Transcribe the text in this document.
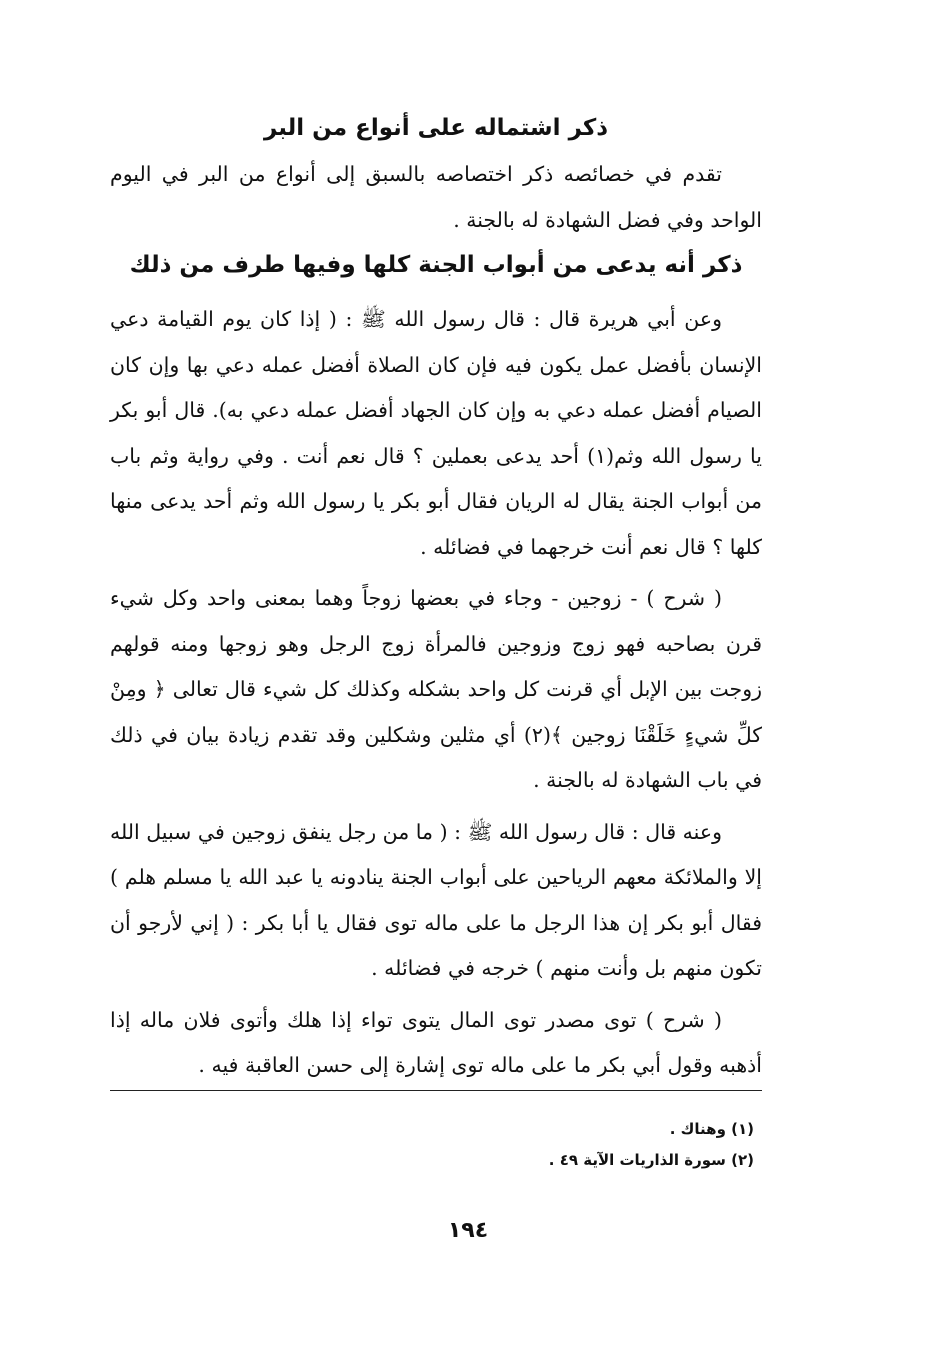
ذكر اشتماله على أنواع من البر

تقدم في خصائصه ذكر اختصاصه بالسبق إلى أنواع من البر في اليوم الواحد وفي فضل الشهادة له بالجنة .

ذكر أنه يدعى من أبواب الجنة كلها وفيها طرف من ذلك

وعن أبي هريرة قال : قال رسول الله ﷺ : ( إذا كان يوم القيامة دعي الإنسان بأفضل عمل يكون فيه فإن كان الصلاة أفضل عمله دعي بها وإن كان الصيام أفضل عمله دعي به وإن كان الجهاد أفضل عمله دعي به). قال أبو بكر يا رسول الله وثم(١) أحد يدعى بعملين ؟ قال نعم أنت . وفي رواية وثم باب من أبواب الجنة يقال له الريان فقال أبو بكر يا رسول الله وثم أحد يدعى منها كلها ؟ قال نعم أنت خرجهما في فضائله .

( شرح ) - زوجين - وجاء في بعضها زوجاً وهما بمعنى واحد وكل شيء قرن بصاحبه فهو زوج وزوجين فالمرأة زوج الرجل وهو زوجها ومنه قولهم زوجت بين الإبل أي قرنت كل واحد بشكله وكذلك كل شيء قال تعالى ﴿ ومِنْ كلِّ شيءٍ خَلَقْنَا زوجين ﴾(٢) أي مثلين وشكلين وقد تقدم زيادة بيان في ذلك في باب الشهادة له بالجنة .

وعنه قال : قال رسول الله ﷺ : ( ما من رجل ينفق زوجين في سبيل الله إلا والملائكة معهم الرياحين على أبواب الجنة ينادونه يا عبد الله يا مسلم هلم ) فقال أبو بكر إن هذا الرجل ما على ماله توى فقال يا أبا بكر : ( إني لأرجو أن تكون منهم بل وأنت منهم ) خرجه في فضائله .

( شرح ) توى مصدر توى المال يتوى تواء إذا هلك وأتوى فلان ماله إذا أذهبه وقول أبي بكر ما على ماله توى إشارة إلى حسن العاقبة فيه .

(١) وهناك .
(٢) سورة الذاريات الآية ٤٩ .
١٩٤
